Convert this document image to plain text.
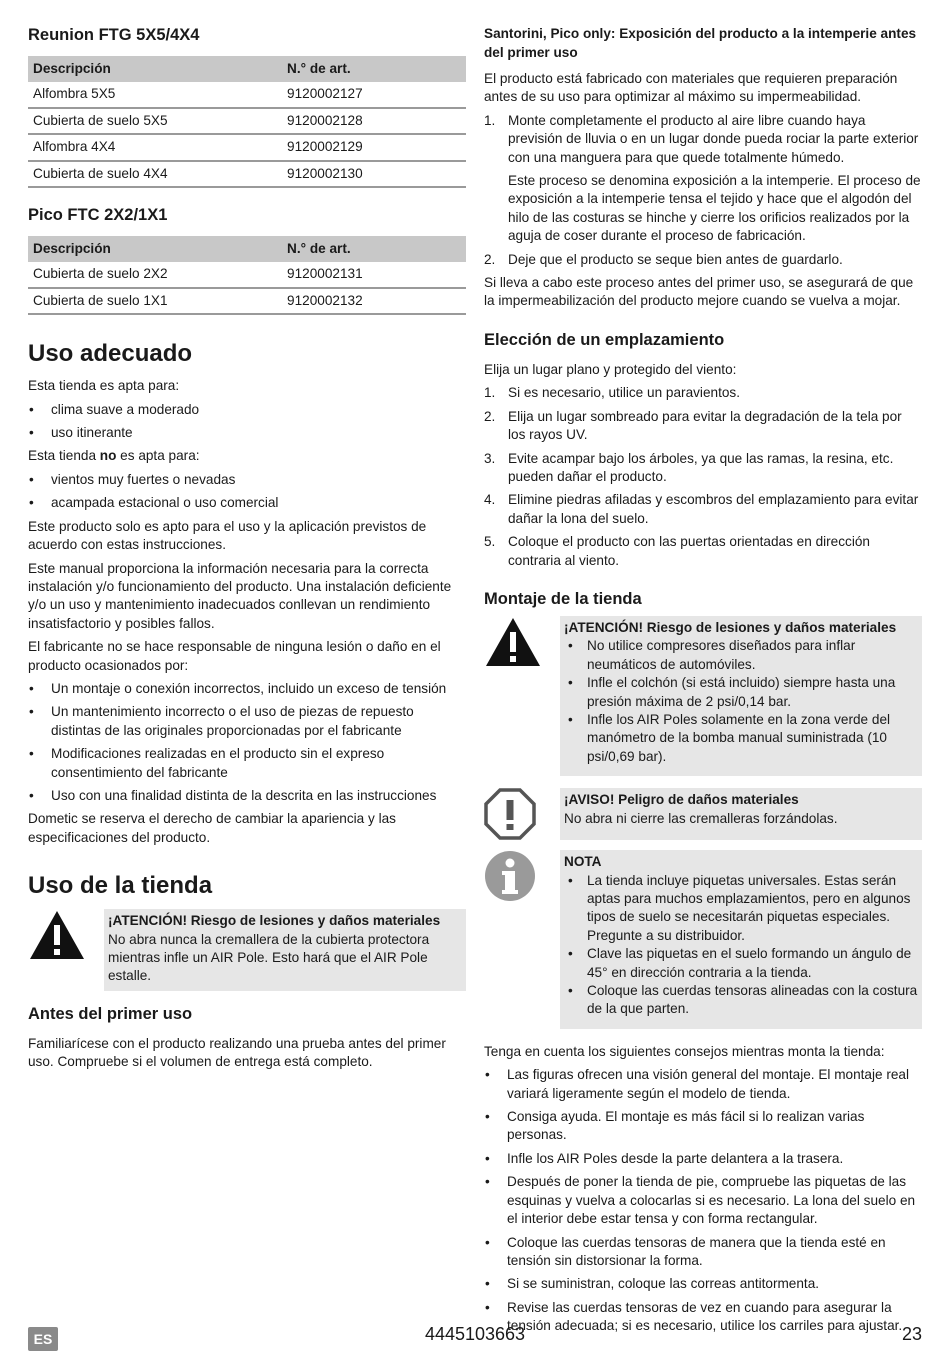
Reunion FTG 5X5/4X4
Descripción	N.° de art.
Alfombra 5X5	9120002127
Cubierta de suelo 5X5	9120002128
Alfombra 4X4	9120002129
Cubierta de suelo 4X4	9120002130
Pico FTC 2X2/1X1
Descripción	N.° de art.
Cubierta de suelo 2X2	9120002131
Cubierta de suelo 1X1	9120002132
Uso adecuado

Esta tienda es apta para:

• clima suave a moderado
• uso itinerante

Esta tienda no es apta para:

• vientos muy fuertes o nevadas
• acampada estacional o uso comercial

Este producto solo es apto para el uso y la aplicación previstos de acuerdo con estas instrucciones.

Este manual proporciona la información necesaria para la correcta instalación y/o funcionamiento del producto. Una instalación deficiente y/o un uso y mantenimiento inadecuados conllevan un rendimiento insatisfactorio y posibles fallos.

El fabricante no se hace responsable de ninguna lesión o daño en el producto ocasionados por:

• Un montaje o conexión incorrectos, incluido un exceso de tensión
• Un mantenimiento incorrecto o el uso de piezas de repuesto distintas de las originales proporcionadas por el fabricante
• Modificaciones realizadas en el producto sin el expreso consentimiento del fabricante
• Uso con una finalidad distinta de la descrita en las instrucciones

Dometic se reserva el derecho de cambiar la apariencia y las especificaciones del producto.

Uso de la tienda
¡ATENCIÓN! Riesgo de lesiones y daños materiales
No abra nunca la cremallera de la cubierta protectora mientras infle un AIR Pole. Esto hará que el AIR Pole estalle.
Antes del primer uso

Familiarícese con el producto realizando una prueba antes del primer uso. Compruebe si el volumen de entrega está completo.

Santorini, Pico only: Exposición del producto a la intemperie antes del primer uso

El producto está fabricado con materiales que requieren preparación antes de su uso para optimizar al máximo su impermeabilidad.

1. Monte completamente el producto al aire libre cuando haya previsión de lluvia o en un lugar donde pueda rociar la parte exterior con una manguera para que quede totalmente húmedo.

Este proceso se denomina exposición a la intemperie. El proceso de exposición a la intemperie tensa el tejido y hace que el algodón del hilo de las costuras se hinche y cierre los orificios realizados por la aguja de coser durante el proceso de fabricación.

2. Deje que el producto se seque bien antes de guardarlo.

Si lleva a cabo este proceso antes del primer uso, se asegurará de que la impermeabilización del producto mejore cuando se vuelva a mojar.

Elección de un emplazamiento

Elija un lugar plano y protegido del viento:

1. Si es necesario, utilice un paravientos.
2. Elija un lugar sombreado para evitar la degradación de la tela por los rayos UV.
3. Evite acampar bajo los árboles, ya que las ramas, la resina, etc. pueden dañar el producto.
4. Elimine piedras afiladas y escombros del emplazamiento para evitar dañar la lona del suelo.
5. Coloque el producto con las puertas orientadas en dirección contraria al viento.
Montaje de la tienda
¡ATENCIÓN! Riesgo de lesiones y daños materiales
• No utilice compresores diseñados para inflar neumáticos de automóviles.
• Infle el colchón (si está incluido) siempre hasta una presión máxima de 2 psi/0,14 bar.
• Infle los AIR Poles solamente en la zona verde del manómetro de la bomba manual suministrada (10 psi/0,69 bar).
¡AVISO! Peligro de daños materiales
No abra ni cierre las cremalleras forzándolas.
NOTA
• La tienda incluye piquetas universales. Estas serán aptas para muchos emplazamientos, pero en algunos tipos de suelo se necesitarán piquetas especiales. Pregunte a su distribuidor.
• Clave las piquetas en el suelo formando un ángulo de 45° en dirección contraria a la tienda.
• Coloque las cuerdas tensoras alineadas con la costura de la que parten.

Tenga en cuenta los siguientes consejos mientras monta la tienda:

• Las figuras ofrecen una visión general del montaje. El montaje real variará ligeramente según el modelo de tienda.
• Consiga ayuda. El montaje es más fácil si lo realizan varias personas.
• Infle los AIR Poles desde la parte delantera a la trasera.
• Después de poner la tienda de pie, compruebe las piquetas de las esquinas y vuelva a colocarlas si es necesario. La lona del suelo en el interior debe estar tensa y con forma rectangular.
• Coloque las cuerdas tensoras de manera que la tienda esté en tensión sin distorsionar la forma.
• Si se suministran, coloque las correas antitormenta.
• Revise las cuerdas tensoras de vez en cuando para asegurar la tensión adecuada; si es necesario, utilice los carriles para ajustar.
ES	4445103663	23
